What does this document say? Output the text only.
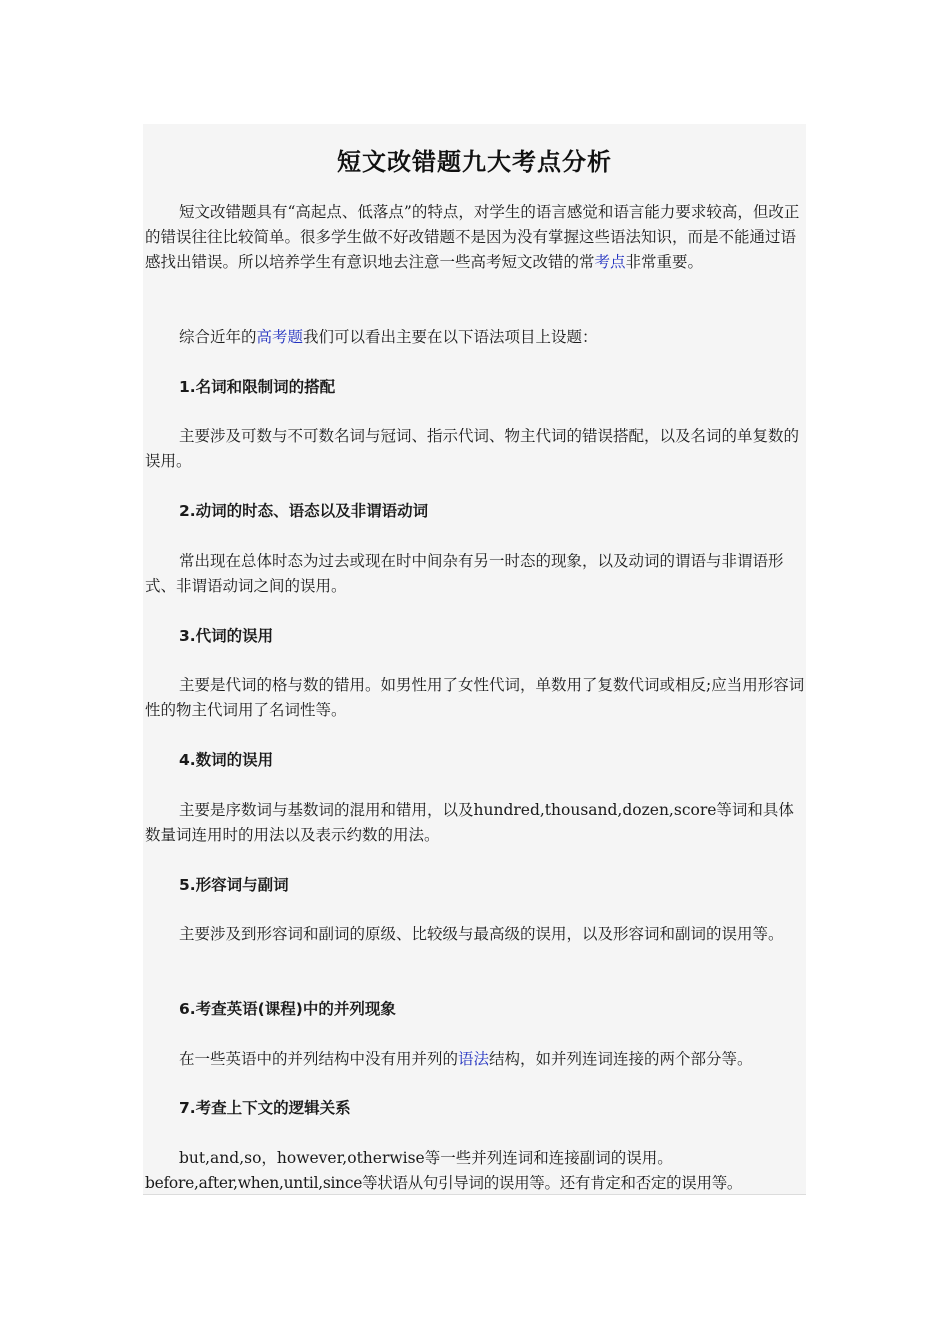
短文改错题九大考点分析
短文改错题具有“高起点、低落点”的特点，对学生的语言感觉和语言能力要求较高，但改正的错误往往比较简单。很多学生做不好改错题不是因为没有掌握这些语法知识，而是不能通过语感找出错误。所以培养学生有意识地去注意一些高考短文改错的常考点非常重要。
综合近年的高考题我们可以看出主要在以下语法项目上设题：
1.名词和限制词的搭配
主要涉及可数与不可数名词与冠词、指示代词、物主代词的错误搭配，以及名词的单复数的误用。
2.动词的时态、语态以及非谓语动词
常出现在总体时态为过去或现在时中间杂有另一时态的现象，以及动词的谓语与非谓语形式、非谓语动词之间的误用。
3.代词的误用
主要是代词的格与数的错用。如男性用了女性代词，单数用了复数代词或相反;应当用形容词性的物主代词用了名词性等。
4.数词的误用
主要是序数词与基数词的混用和错用，以及hundred,thousand,dozen,score等词和具体数量词连用时的用法以及表示约数的用法。
5.形容词与副词
主要涉及到形容词和副词的原级、比较级与最高级的误用，以及形容词和副词的误用等。
6.考查英语(课程)中的并列现象
在一些英语中的并列结构中没有用并列的语法结构，如并列连词连接的两个部分等。
7.考查上下文的逻辑关系
but,and,so，however,otherwise等一些并列连词和连接副词的误用。
before,after,when,until,since等状语从句引导词的误用等。还有肯定和否定的误用等。
